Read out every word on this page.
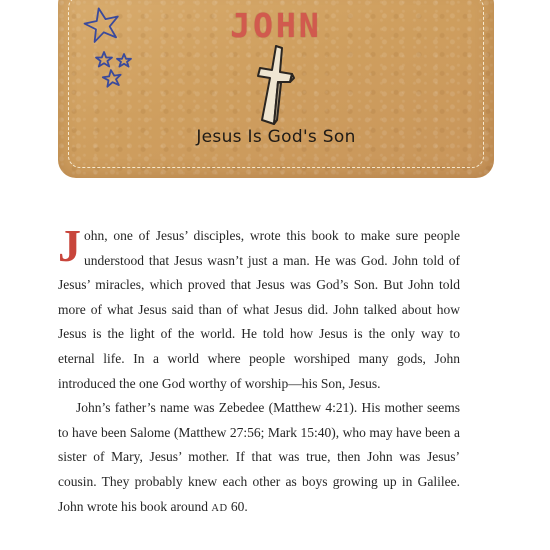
JOHN
Jesus Is God's Son

John, one of Jesus’ disciples, wrote this book to make sure people understood that Jesus wasn’t just a man. He was God. John told of Jesus’ miracles, which proved that Jesus was God’s Son. But John told more of what Jesus said than of what Jesus did. John talked about how Jesus is the light of the world. He told how Jesus is the only way to eternal life. In a world where people worshiped many gods, John introduced the one God worthy of worship—his Son, Jesus.

John’s father’s name was Zebedee (Matthew 4:21). His mother seems to have been Salome (Matthew 27:56; Mark 15:40), who may have been a sister of Mary, Jesus’ mother. If that was true, then John was Jesus’ cousin. They probably knew each other as boys growing up in Galilee. John wrote his book around AD 60.
